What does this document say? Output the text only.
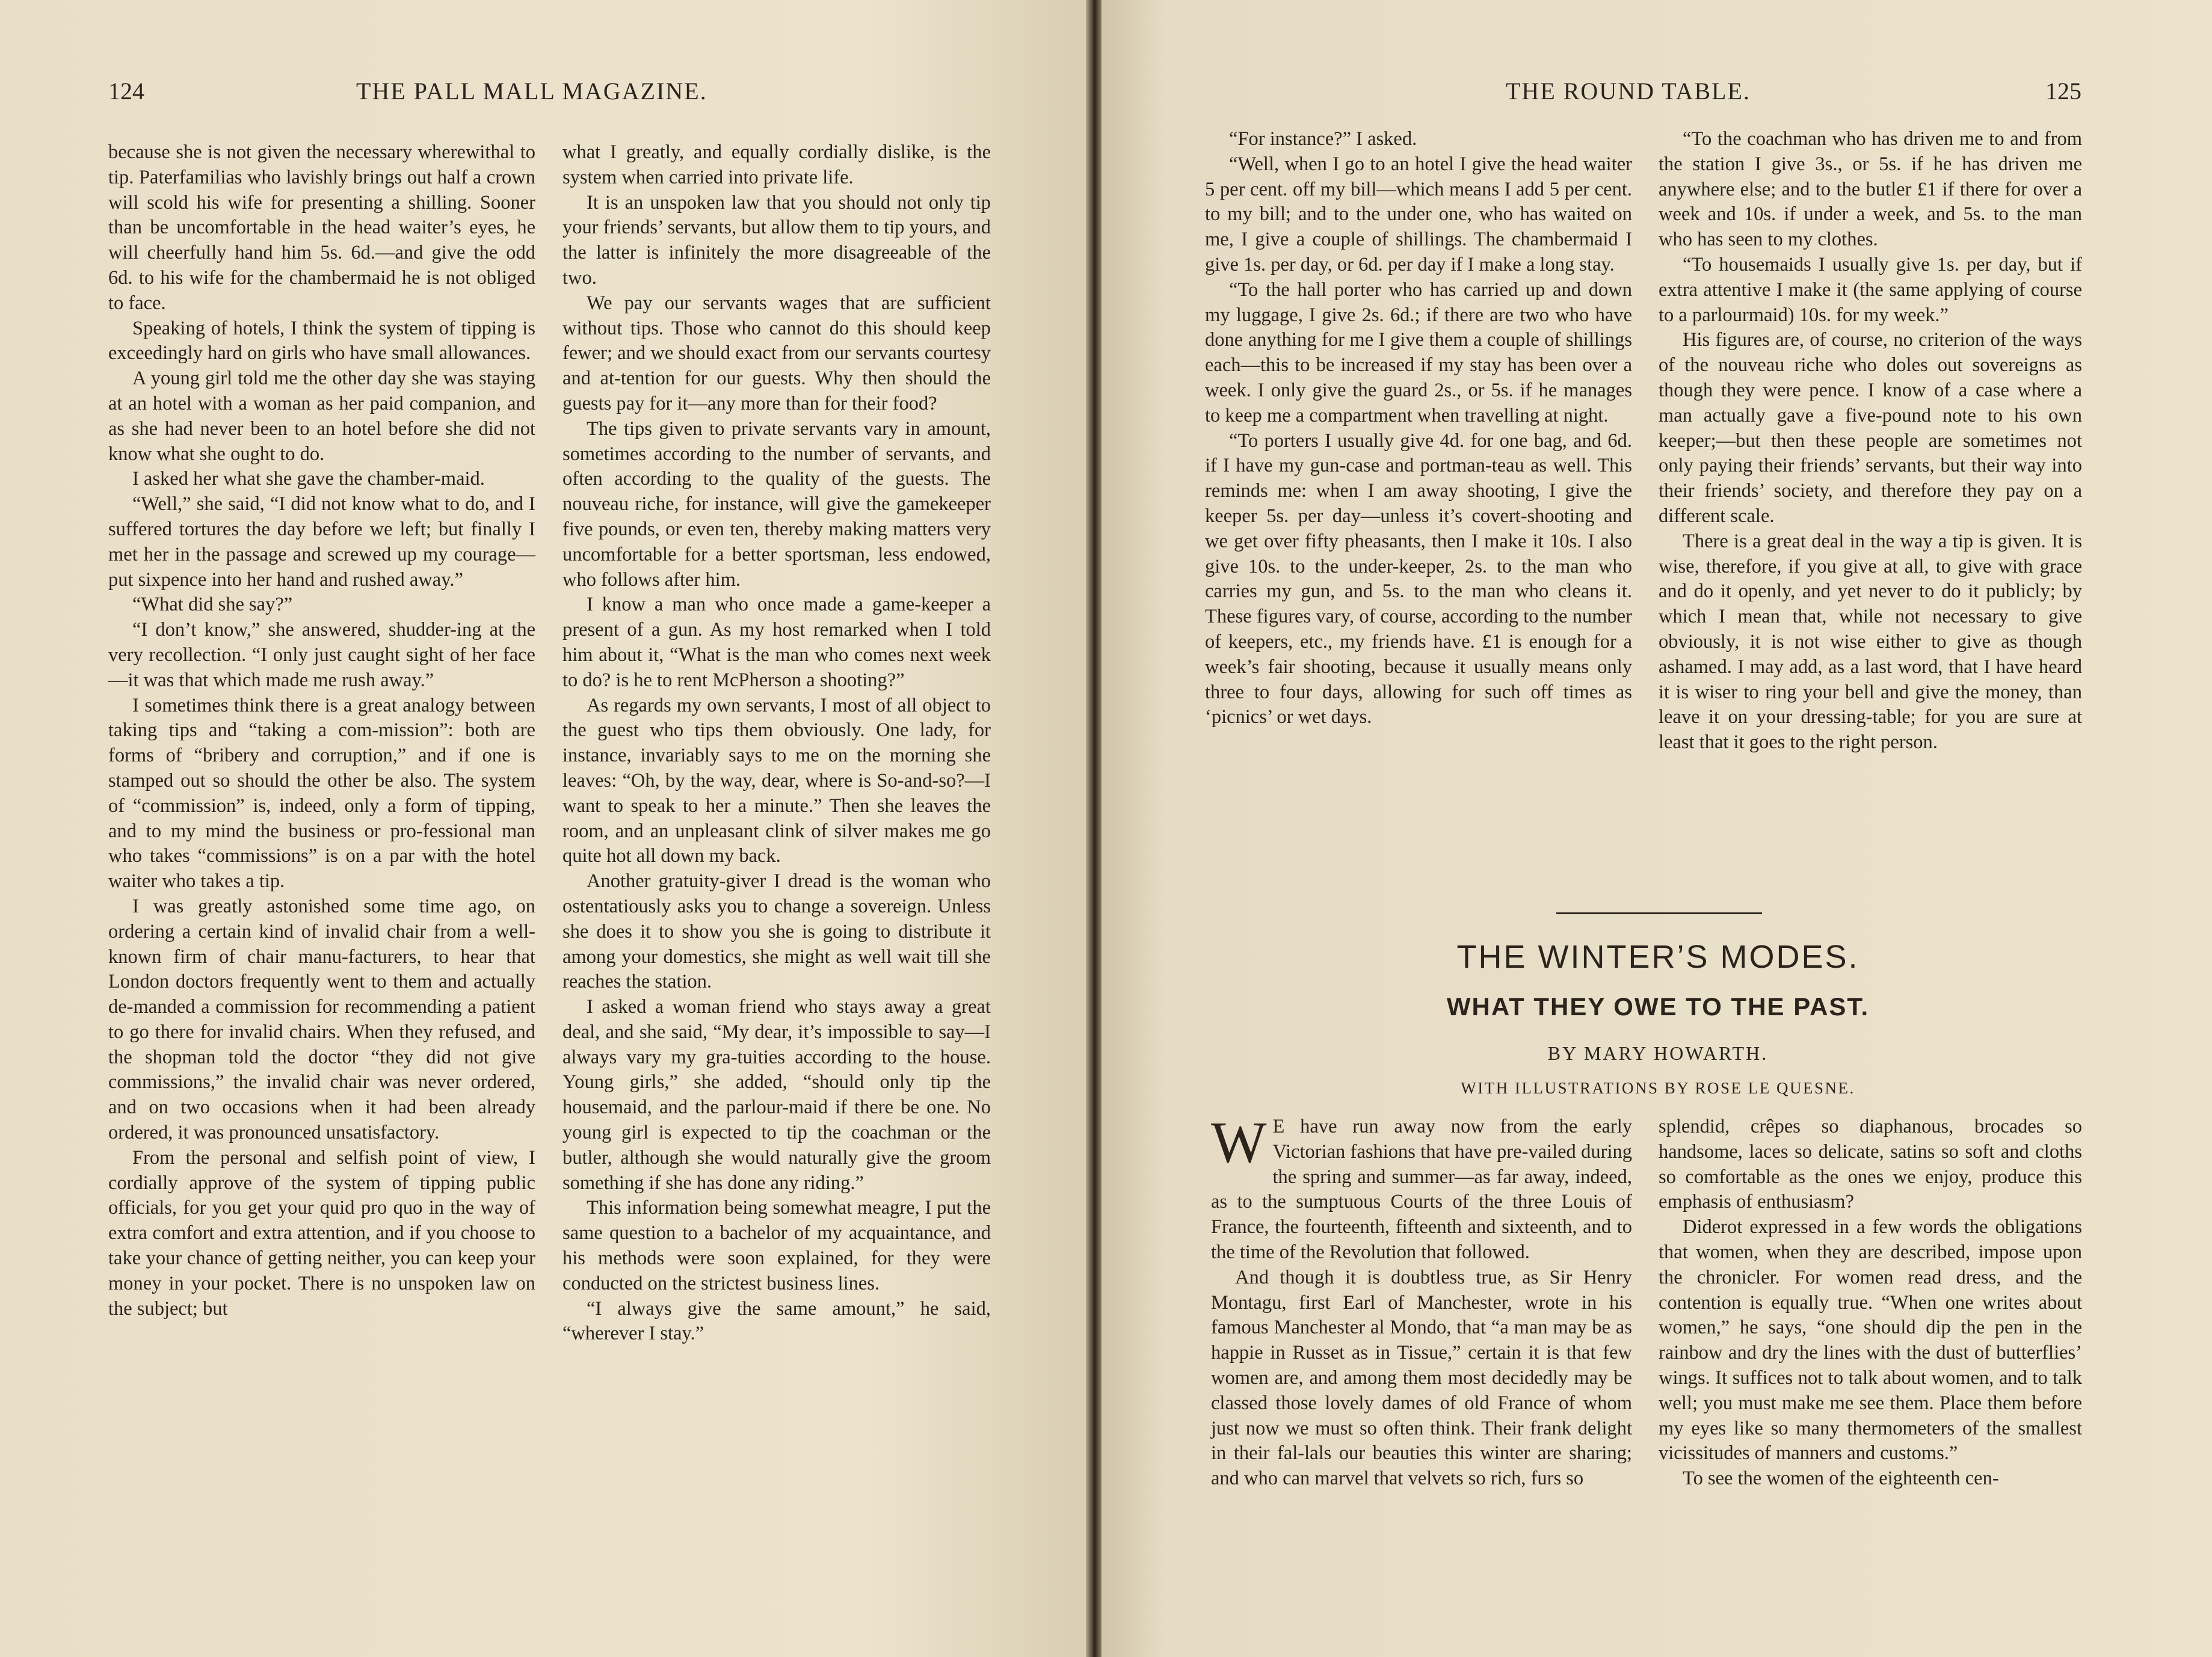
124	THE PALL MALL MAGAZINE.

because she is not given the necessary wherewithal to tip. Paterfamilias who lavishly brings out half a crown will scold his wife for presenting a shilling. Sooner than be uncomfortable in the head waiter’s eyes, he will cheerfully hand him 5s. 6d.—and give the odd 6d. to his wife for the chambermaid he is not obliged to face.

Speaking of hotels, I think the system of tipping is exceedingly hard on girls who have small allowances.

A young girl told me the other day she was staying at an hotel with a woman as her paid companion, and as she had never been to an hotel before she did not know what she ought to do.

I asked her what she gave the chamber-maid.

“Well,” she said, “I did not know what to do, and I suffered tortures the day before we left; but finally I met her in the passage and screwed up my courage—put sixpence into her hand and rushed away.”

“What did she say?”

“I don’t know,” she answered, shudder-ing at the very recollection. “I only just caught sight of her face—it was that which made me rush away.”

I sometimes think there is a great analogy between taking tips and “taking a com-mission”: both are forms of “bribery and corruption,” and if one is stamped out so should the other be also. The system of “commission” is, indeed, only a form of tipping, and to my mind the business or pro-fessional man who takes “commissions” is on a par with the hotel waiter who takes a tip.

I was greatly astonished some time ago, on ordering a certain kind of invalid chair from a well-known firm of chair manu-facturers, to hear that London doctors frequently went to them and actually de-manded a commission for recommending a patient to go there for invalid chairs. When they refused, and the shopman told the doctor “they did not give commissions,” the invalid chair was never ordered, and on two occasions when it had been already ordered, it was pronounced unsatisfactory.

From the personal and selfish point of view, I cordially approve of the system of tipping public officials, for you get your quid pro quo in the way of extra comfort and extra attention, and if you choose to take your chance of getting neither, you can keep your money in your pocket. There is no unspoken law on the subject; but

what I greatly, and equally cordially dislike, is the system when carried into private life.

It is an unspoken law that you should not only tip your friends’ servants, but allow them to tip yours, and the latter is infinitely the more disagreeable of the two.

We pay our servants wages that are sufficient without tips. Those who cannot do this should keep fewer; and we should exact from our servants courtesy and at-tention for our guests. Why then should the guests pay for it—any more than for their food?

The tips given to private servants vary in amount, sometimes according to the number of servants, and often according to the quality of the guests. The nouveau riche, for instance, will give the gamekeeper five pounds, or even ten, thereby making matters very uncomfortable for a better sportsman, less endowed, who follows after him.

I know a man who once made a game-keeper a present of a gun. As my host remarked when I told him about it, “What is the man who comes next week to do? is he to rent McPherson a shooting?”

As regards my own servants, I most of all object to the guest who tips them obviously. One lady, for instance, invariably says to me on the morning she leaves: “Oh, by the way, dear, where is So-and-so?—I want to speak to her a minute.” Then she leaves the room, and an unpleasant clink of silver makes me go quite hot all down my back.

Another gratuity-giver I dread is the woman who ostentatiously asks you to change a sovereign. Unless she does it to show you she is going to distribute it among your domestics, she might as well wait till she reaches the station.

I asked a woman friend who stays away a great deal, and she said, “My dear, it’s impossible to say—I always vary my gra-tuities according to the house. Young girls,” she added, “should only tip the housemaid, and the parlour-maid if there be one. No young girl is expected to tip the coachman or the butler, although she would naturally give the groom something if she has done any riding.”

This information being somewhat meagre, I put the same question to a bachelor of my acquaintance, and his methods were soon explained, for they were conducted on the strictest business lines.

“I always give the same amount,” he said, “wherever I stay.”

THE ROUND TABLE.	125

“For instance?” I asked.

“Well, when I go to an hotel I give the head waiter 5 per cent. off my bill—which means I add 5 per cent. to my bill; and to the under one, who has waited on me, I give a couple of shillings. The chambermaid I give 1s. per day, or 6d. per day if I make a long stay.

“To the hall porter who has carried up and down my luggage, I give 2s. 6d.; if there are two who have done anything for me I give them a couple of shillings each—this to be increased if my stay has been over a week. I only give the guard 2s., or 5s. if he manages to keep me a compartment when travelling at night.

“To porters I usually give 4d. for one bag, and 6d. if I have my gun-case and portman-teau as well. This reminds me: when I am away shooting, I give the keeper 5s. per day—unless it’s covert-shooting and we get over fifty pheasants, then I make it 10s. I also give 10s. to the under-keeper, 2s. to the man who carries my gun, and 5s. to the man who cleans it. These figures vary, of course, according to the number of keepers, etc., my friends have. £1 is enough for a week’s fair shooting, because it usually means only three to four days, allowing for such off times as ‘picnics’ or wet days.

“To the coachman who has driven me to and from the station I give 3s., or 5s. if he has driven me anywhere else; and to the butler £1 if there for over a week and 10s. if under a week, and 5s. to the man who has seen to my clothes.

“To housemaids I usually give 1s. per day, but if extra attentive I make it (the same applying of course to a parlourmaid) 10s. for my week.”

His figures are, of course, no criterion of the ways of the nouveau riche who doles out sovereigns as though they were pence. I know of a case where a man actually gave a five-pound note to his own keeper;—but then these people are sometimes not only paying their friends’ servants, but their way into their friends’ society, and therefore they pay on a different scale.

There is a great deal in the way a tip is given. It is wise, therefore, if you give at all, to give with grace and do it openly, and yet never to do it publicly; by which I mean that, while not necessary to give obviously, it is not wise either to give as though ashamed. I may add, as a last word, that I have heard it is wiser to ring your bell and give the money, than leave it on your dressing-table; for you are sure at least that it goes to the right person.

THE WINTER’S MODES.
WHAT THEY OWE TO THE PAST.
BY MARY HOWARTH.
WITH ILLUSTRATIONS BY ROSE LE QUESNE.
W E have run away now from the early Victorian fashions that have pre-vailed during the spring and summer—as far away, indeed, as to the sumptuous Courts of the three Louis of France, the fourteenth, fifteenth and sixteenth, and to the time of the Revolution that followed.

And though it is doubtless true, as Sir Henry Montagu, first Earl of Manchester, wrote in his famous Manchester al Mondo, that “a man may be as happie in Russet as in Tissue,” certain it is that few women are, and among them most decidedly may be classed those lovely dames of old France of whom just now we must so often think. Their frank delight in their fal-lals our beauties this winter are sharing; and who can marvel that velvets so rich, furs so

splendid, crêpes so diaphanous, brocades so handsome, laces so delicate, satins so soft and cloths so comfortable as the ones we enjoy, produce this emphasis of enthusiasm?

Diderot expressed in a few words the obligations that women, when they are described, impose upon the chronicler. For women read dress, and the contention is equally true. “When one writes about women,” he says, “one should dip the pen in the rainbow and dry the lines with the dust of butterflies’ wings. It suffices not to talk about women, and to talk well; you must make me see them. Place them before my eyes like so many thermometers of the smallest vicissitudes of manners and customs.”

To see the women of the eighteenth cen-
